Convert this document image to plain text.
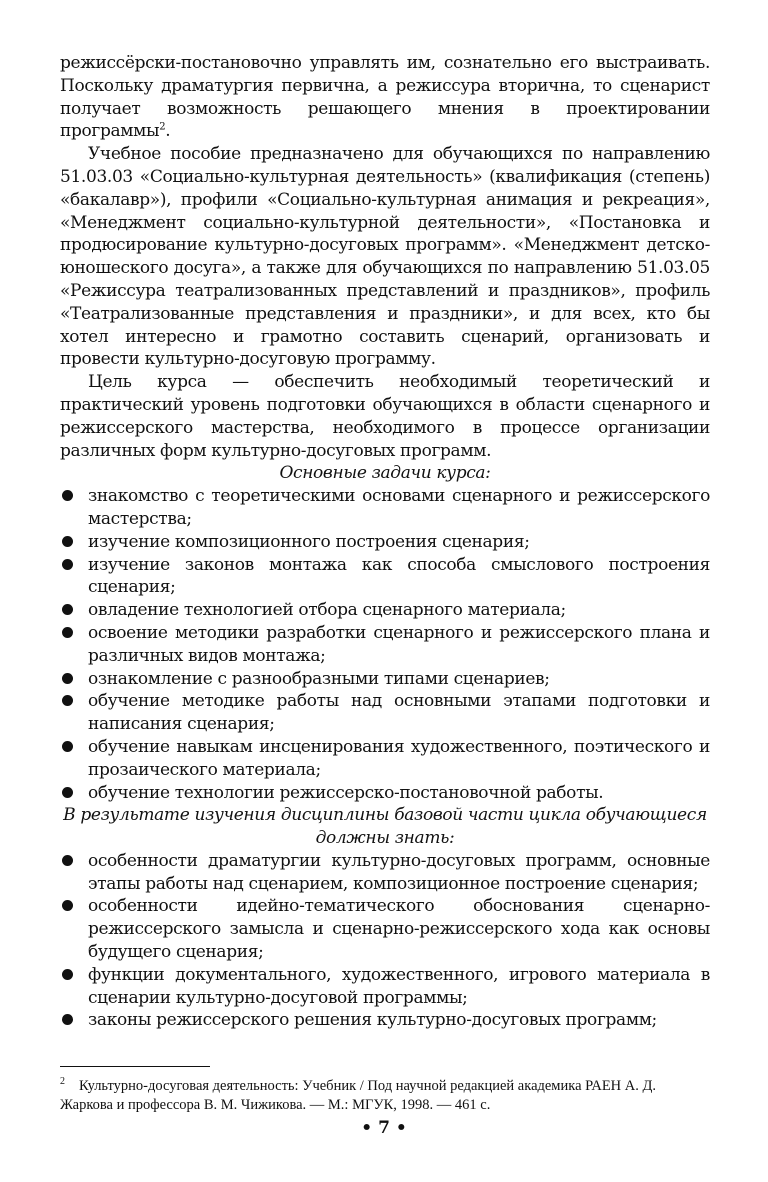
режиссёрски-постановочно управлять им, сознательно его выстраивать. Поскольку драматургия первична, а режиссура вторична, то сценарист получает возможность решающего мнения в проектировании программы$^2$.

Учебное пособие предназначено для обучающихся по направлению 51.03.03 «Социально-культурная деятельность» (квалификация (степень) «бакалавр»), профили «Социально-культурная анимация и рекреация», «Менеджмент социально-культурной деятельности», «Постановка и продюсирование культурно-досуговых программ». «Менеджмент детско-юношеского досуга», а также для обучающихся по направлению 51.03.05 «Режиссура театрализованных представлений и праздников», профиль «Театрализованные представления и праздники», и для всех, кто бы хотел интересно и грамотно составить сценарий, организовать и провести культурно-досуговую программу.

Цель курса — обеспечить необходимый теоретический и практический уровень подготовки обучающихся в области сценарного и режиссерского мастерства, необходимого в процессе организации различных форм культурно-досуговых программ.

Основные задачи курса:

знакомство с теоретическими основами сценарного и режиссерского мастерства;
изучение композиционного построения сценария;
изучение законов монтажа как способа смыслового построения сценария;
овладение технологией отбора сценарного материала;
освоение методики разработки сценарного и режиссерского плана и различных видов монтажа;
ознакомление с разнообразными типами сценариев;
обучение методике работы над основными этапами подготовки и написания сценария;
обучение навыкам инсценирования художественного, поэтического и прозаического материала;
обучение технологии режиссерско-постановочной работы.

В результате изучения дисциплины базовой части цикла обучающиеся должны знать:

особенности драматургии культурно-досуговых программ, основные этапы работы над сценарием, композиционное построение сценария;
особенности идейно-тематического обоснования сценарно-режиссерского замысла и сценарно-режиссерского хода как основы будущего сценария;
функции документального, художественного, игрового материала в сценарии культурно-досуговой программы;
законы режиссерского решения культурно-досуговых программ;
$^2$ Культурно-досуговая деятельность: Учебник / Под научной редакцией академика РАЕН А. Д. Жаркова и профессора В. М. Чижикова. — М.: МГУК, 1998. — 461 с.
• 7 •
